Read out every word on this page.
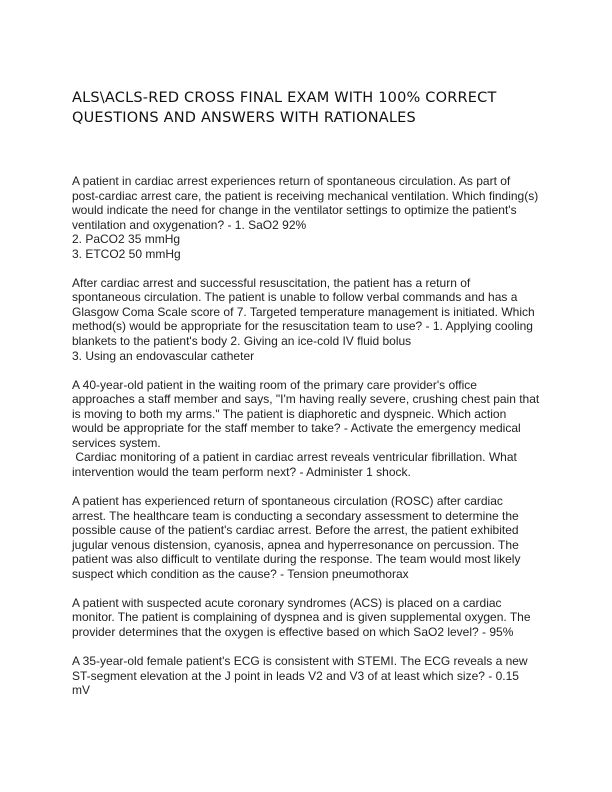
ALS\ACLS-RED CROSS FINAL EXAM WITH 100% CORRECT
QUESTIONS AND ANSWERS WITH RATIONALES
A patient in cardiac arrest experiences return of spontaneous circulation. As part of
post-cardiac arrest care, the patient is receiving mechanical ventilation. Which finding(s)
would indicate the need for change in the ventilator settings to optimize the patient's
ventilation and oxygenation? - 1. SaO2 92%
2. PaCO2 35 mmHg
3. ETCO2 50 mmHg
After cardiac arrest and successful resuscitation, the patient has a return of
spontaneous circulation. The patient is unable to follow verbal commands and has a
Glasgow Coma Scale score of 7. Targeted temperature management is initiated. Which
method(s) would be appropriate for the resuscitation team to use? - 1. Applying cooling
blankets to the patient's body 2. Giving an ice-cold IV fluid bolus
3. Using an endovascular catheter
A 40-year-old patient in the waiting room of the primary care provider's office
approaches a staff member and says, "I'm having really severe, crushing chest pain that
is moving to both my arms." The patient is diaphoretic and dyspneic. Which action
would be appropriate for the staff member to take? - Activate the emergency medical
services system.
Cardiac monitoring of a patient in cardiac arrest reveals ventricular fibrillation. What
intervention would the team perform next? - Administer 1 shock.
A patient has experienced return of spontaneous circulation (ROSC) after cardiac
arrest. The healthcare team is conducting a secondary assessment to determine the
possible cause of the patient's cardiac arrest. Before the arrest, the patient exhibited
jugular venous distension, cyanosis, apnea and hyperresonance on percussion. The
patient was also difficult to ventilate during the response. The team would most likely
suspect which condition as the cause? - Tension pneumothorax
A patient with suspected acute coronary syndromes (ACS) is placed on a cardiac
monitor. The patient is complaining of dyspnea and is given supplemental oxygen. The
provider determines that the oxygen is effective based on which SaO2 level? - 95%
A 35-year-old female patient's ECG is consistent with STEMI. The ECG reveals a new
ST-segment elevation at the J point in leads V2 and V3 of at least which size? - 0.15
mV
